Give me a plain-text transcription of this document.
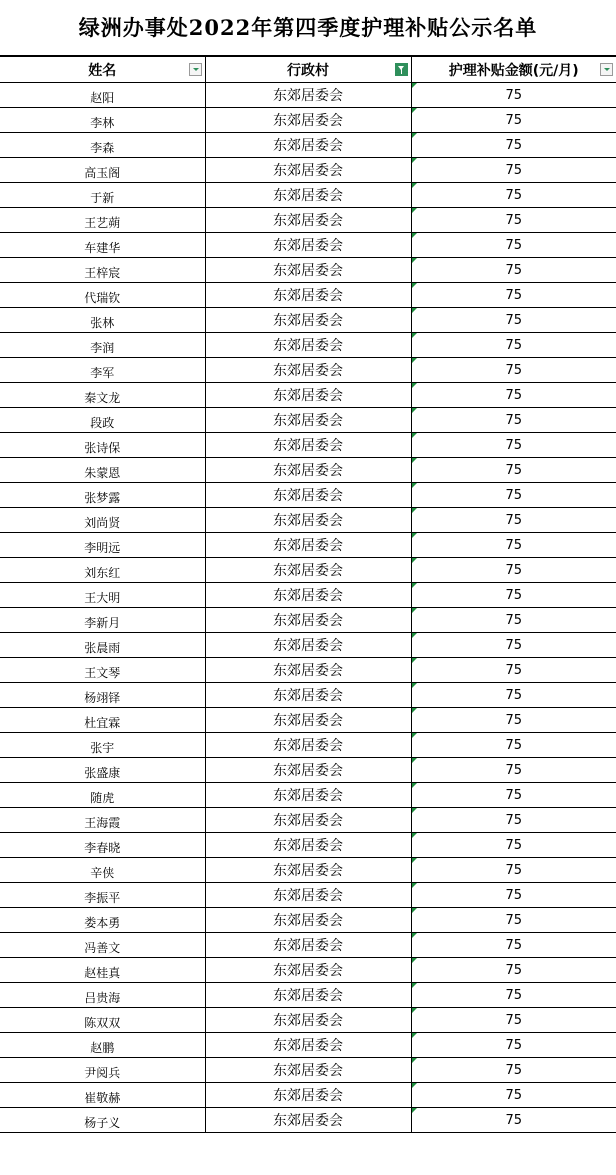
绿洲办事处2022年第四季度护理补贴公示名单
姓名	行政村	护理补贴金额(元/月)

赵阳	东郊居委会	75
李林	东郊居委会	75
李森	东郊居委会	75
高玉阁	东郊居委会	75
于新	东郊居委会	75
王艺蒴	东郊居委会	75
车建华	东郊居委会	75
王梓宸	东郊居委会	75
代瑞钦	东郊居委会	75
张林	东郊居委会	75
李润	东郊居委会	75
李军	东郊居委会	75
秦文龙	东郊居委会	75
段政	东郊居委会	75
张诗保	东郊居委会	75
朱蒙恩	东郊居委会	75
张梦露	东郊居委会	75
刘尚贤	东郊居委会	75
李明远	东郊居委会	75
刘东红	东郊居委会	75
王大明	东郊居委会	75
李新月	东郊居委会	75
张晨雨	东郊居委会	75
王文琴	东郊居委会	75
杨翊铎	东郊居委会	75
杜宜霖	东郊居委会	75
张宇	东郊居委会	75
张盛康	东郊居委会	75
随虎	东郊居委会	75
王海霞	东郊居委会	75
李春晓	东郊居委会	75
辛侠	东郊居委会	75
李振平	东郊居委会	75
娄本勇	东郊居委会	75
冯善文	东郊居委会	75
赵桂真	东郊居委会	75
吕贵海	东郊居委会	75
陈双双	东郊居委会	75
赵鹏	东郊居委会	75
尹阅兵	东郊居委会	75
崔敬赫	东郊居委会	75
杨子义	东郊居委会	75
